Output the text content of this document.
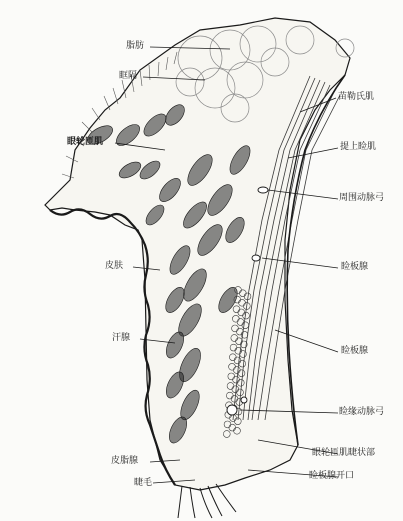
脂肪
眶隔
眼轮匝肌
皮肤
汗腺
皮脂腺
睫毛
苗勒氏肌
提上睑肌
周围动脉弓
睑板腺
睑板腺
睑缘动脉弓
眼轮匝肌睫状部
睑板腺开口
